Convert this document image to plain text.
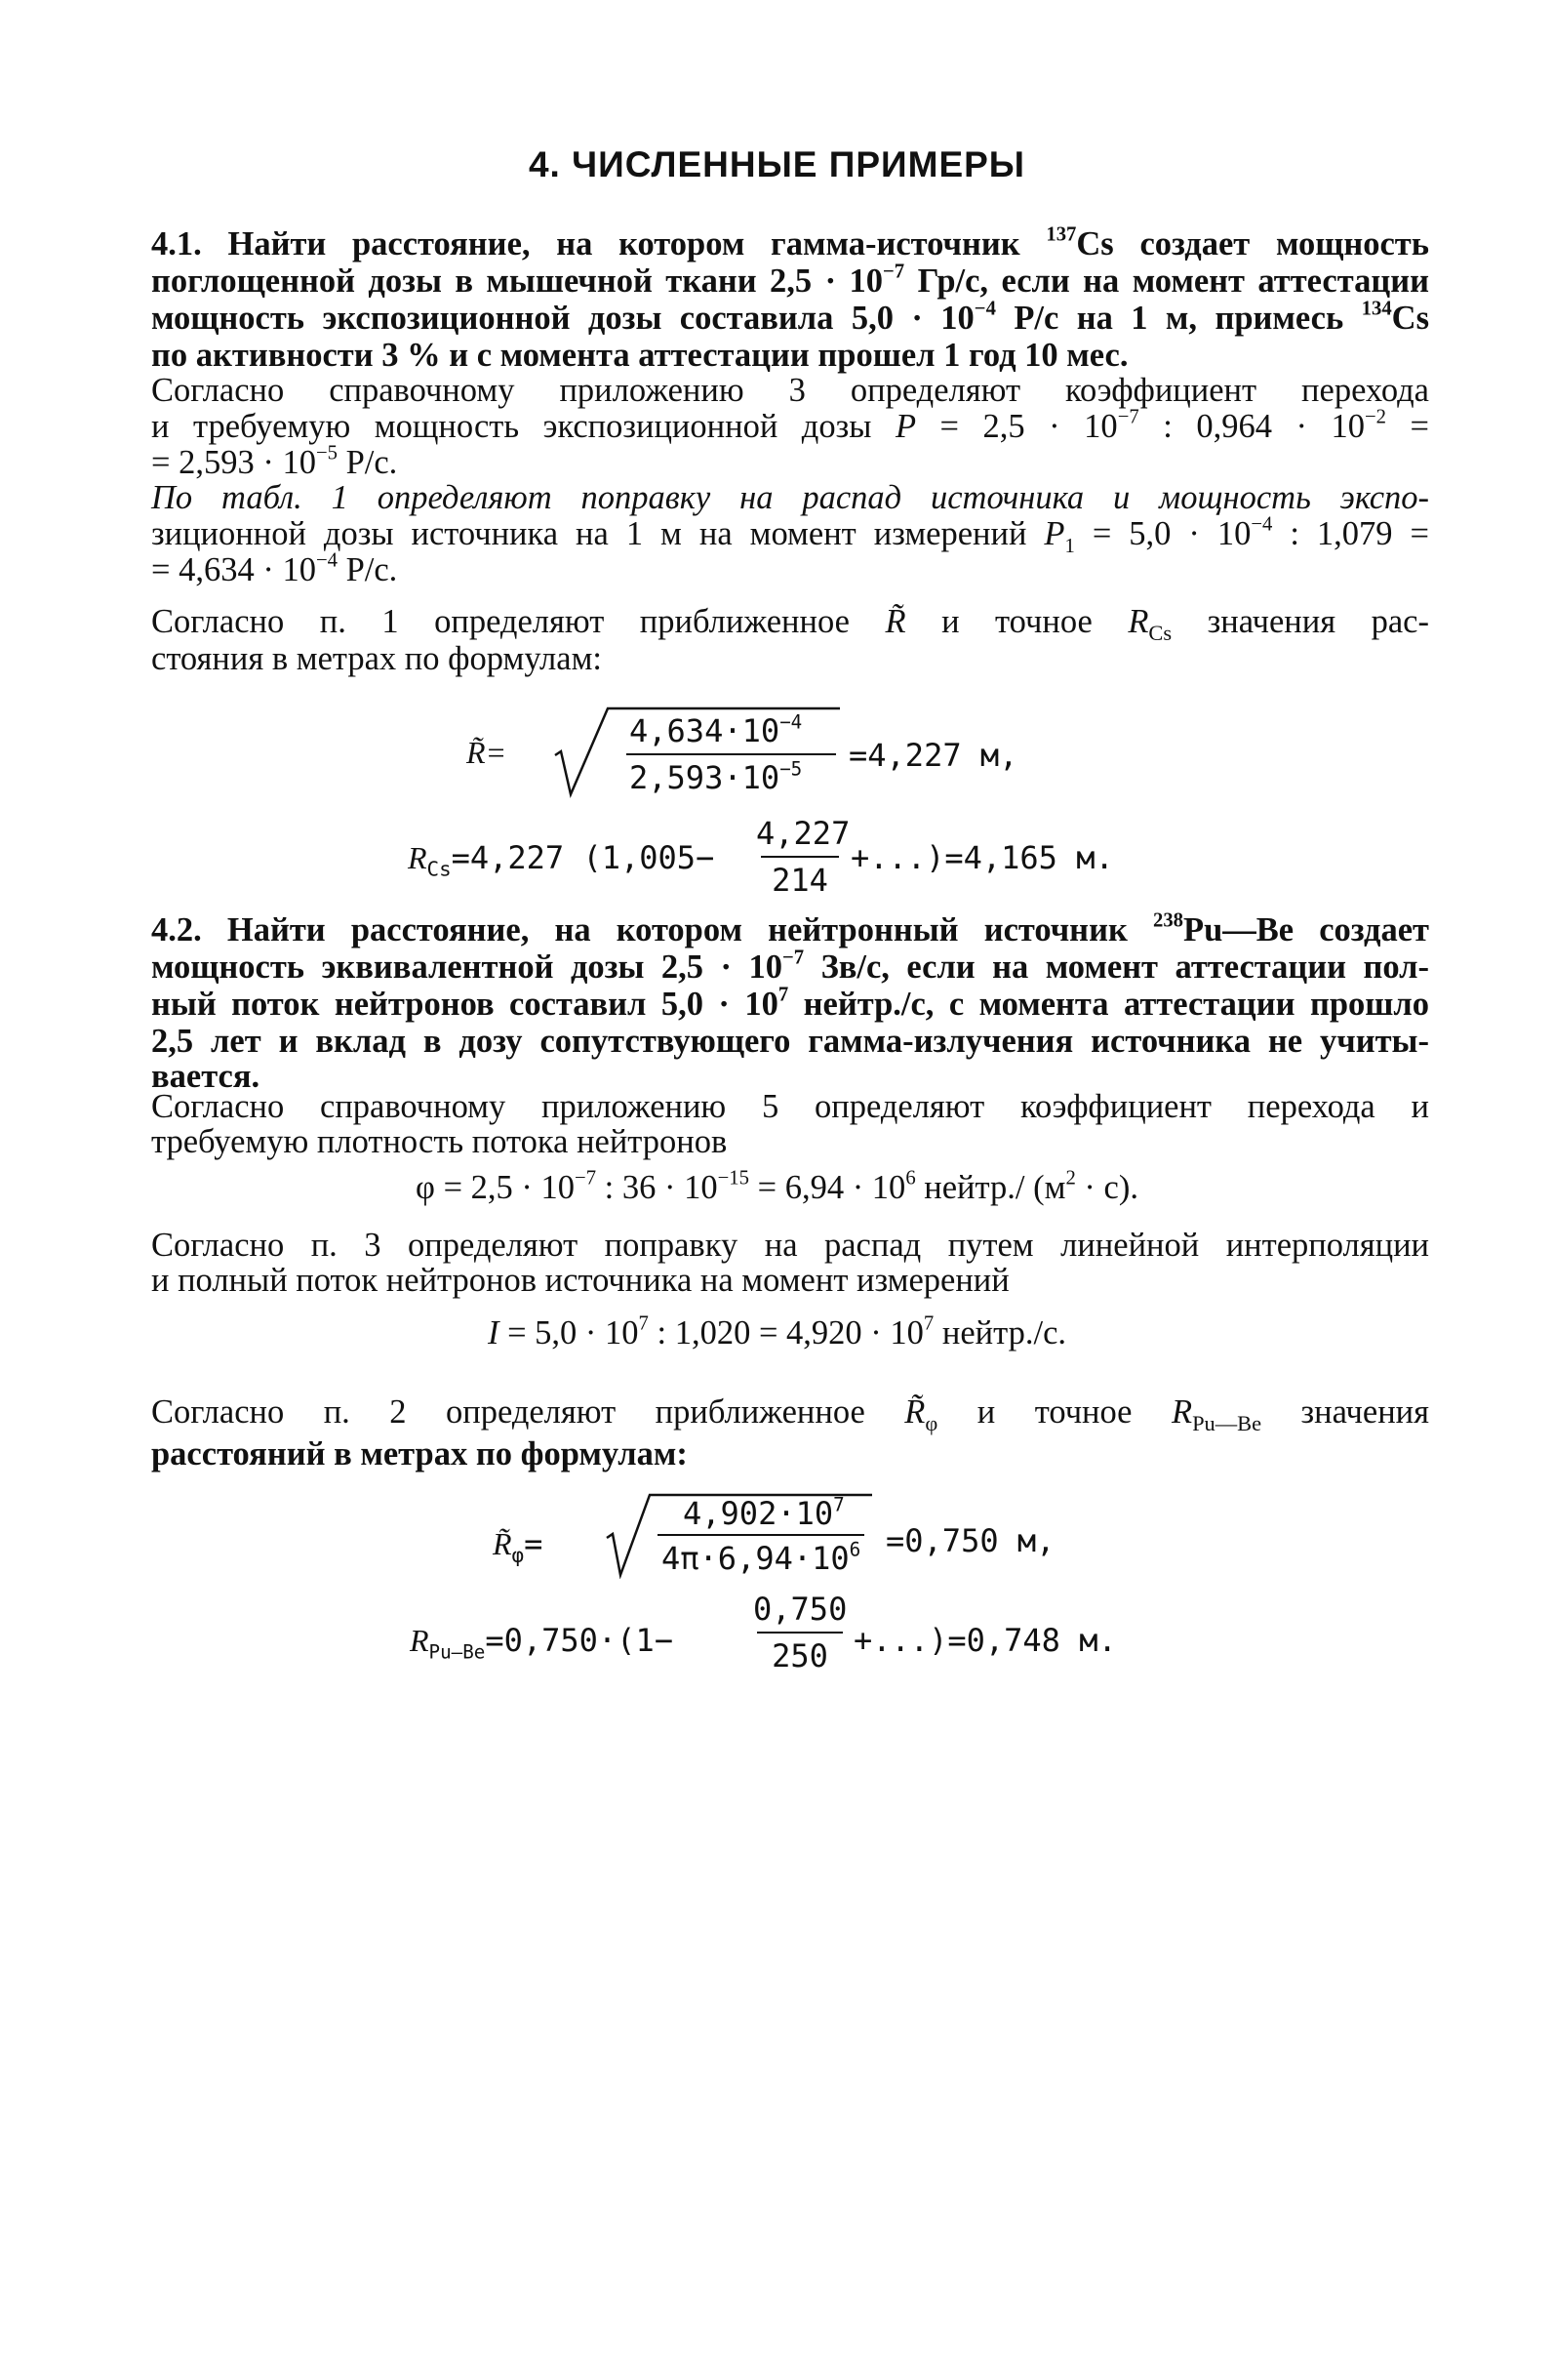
4. ЧИСЛЕННЫЕ ПРИМЕРЫ
4.1. Найти расстояние, на котором гамма-источник $^{137}$Cs создает мощность
поглощенной дозы в мышечной ткани $2,5 \cdot 10^{-7}$ Гр/с, если на момент аттестации
мощность экспозиционной дозы составила $5,0 \cdot 10^{-4}$ Р/с на 1 м, примесь $^{134}$Cs
по активности 3 % и с момента аттестации прошел 1 год 10 мес.
Согласно справочному приложению 3 определяют коэффициент перехода
и требуемую мощность экспозиционной дозы $P = 2,5 \cdot 10^{-7}$ : $0,964 \cdot 10^{-2}$ =
= $2,593 \cdot 10^{-5}$ Р/с.
По табл. 1 определяют поправку на распад источника и мощность экспо-
зиционной дозы источника на 1 м на момент измерений $P_1 = 5,0 \cdot 10^{-4}$ : 1,079 =
= $4,634 \cdot 10^{-4}$ Р/с.
Согласно п. 1 определяют приближенное R̃ и точное $R_{Cs}$ значения рас-
стояния в метрах по формулам:
R̃=
$4,634\cdot 10^{-4}$
$2,593\cdot 10^{-5} =4,227$ м,
$R_{Cs}=4,227$ (1,005−
4,227
214
+...)=4,165 м.
4.2. Найти расстояние, на котором нейтронный источник $^{238}$Pu—Be создает
мощность эквивалентной дозы $2,5 \cdot 10^{-7}$ Зв/с, если на момент аттестации пол-
ный поток нейтронов составил $5,0 \cdot 10^7$ нейтр./с, с момента аттестации прошло
2,5 лет и вклад в дозу сопутствующего гамма-излучения источника не учиты-
вается.
Согласно справочному приложению 5 определяют коэффициент перехода и
требуемую плотность потока нейтронов
$\varphi = 2,5 \cdot 10^{-7}$ : $36 \cdot 10^{-15} = 6,94 \cdot 10^6$ нейтр./ $(м^2 \cdot с)$.
Согласно п. 3 определяют поправку на распад путем линейной интерполяции
и полный поток нейтронов источника на момент измерений
$I = 5,0 \cdot 10^7$ : $1,020 = 4,920 \cdot 10^7$ нейтр./с.
Согласно п. 2 определяют приближенное $R̃_\varphi$ и точное $R_{Pu—Be}$ значения
расстояний в метрах по формулам:
$R̃_\varphi=$
$4,902\cdot 10^7$
$4\pi\cdot 6,94\cdot 10^6 =0,750$ м,
$R_{Pu—Be}=0,750\cdot(1-$
0,750
250 +...)=0,748 м.
